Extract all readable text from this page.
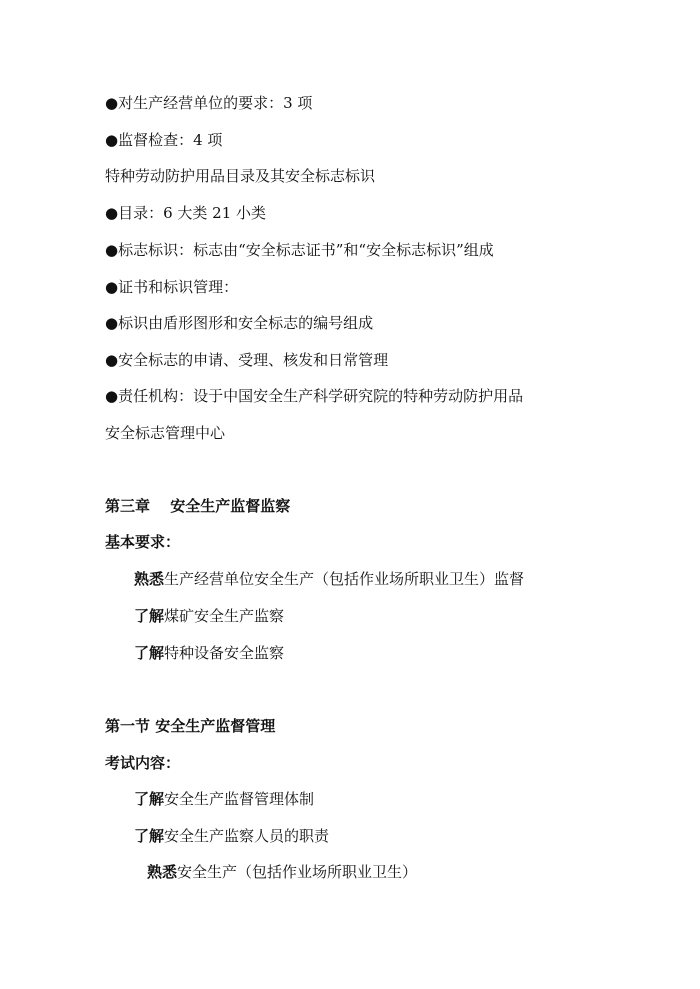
●对生产经营单位的要求：3 项
●监督检查：4 项
特种劳动防护用品目录及其安全标志标识
●目录：6 大类 21 小类
●标志标识：标志由“安全标志证书”和“安全标志标识”组成
●证书和标识管理：
●标识由盾形图形和安全标志的编号组成
●安全标志的申请、受理、核发和日常管理
●责任机构：设于中国安全生产科学研究院的特种劳动防护用品
安全标志管理中心
第三章　 安全生产监督监察
基本要求：
熟悉生产经营单位安全生产（包括作业场所职业卫生）监督
了解煤矿安全生产监察
了解特种设备安全监察
第一节 安全生产监督管理
考试内容：
了解安全生产监督管理体制
了解安全生产监察人员的职责
熟悉安全生产（包括作业场所职业卫生）
